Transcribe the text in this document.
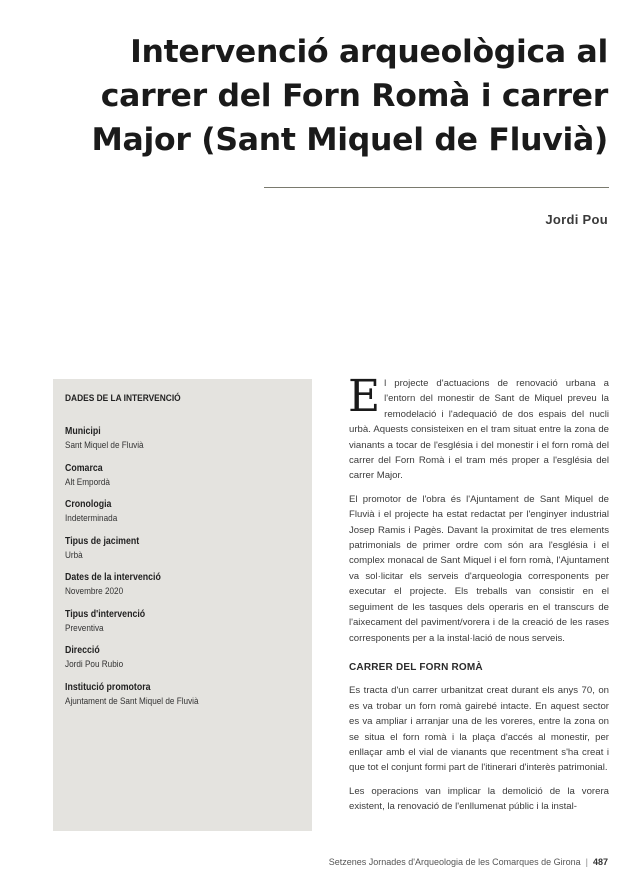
Intervenció arqueològica al carrer del Forn Romà i carrer Major (Sant Miquel de Fluvià)
Jordi Pou
DADES DE LA INTERVENCIÓ
Municipi
Sant Miquel de Fluvià
Comarca
Alt Empordà
Cronologia
Indeterminada
Tipus de jaciment
Urbà
Dates de la intervenció
Novembre 2020
Tipus d'intervenció
Preventiva
Direcció
Jordi Pou Rubio
Institució promotora
Ajuntament de Sant Miquel de Fluvià

El projecte d'actuacions de renovació urbana a l'entorn del monestir de Sant de Miquel preveu la remodelació i l'adequació de dos espais del nucli urbà. Aquests consisteixen en el tram situat entre la zona de vianants a tocar de l'església i del monestir i el forn romà del carrer del Forn Romà i el tram més proper a l'església del carrer Major.

El promotor de l'obra és l'Ajuntament de Sant Miquel de Fluvià i el projecte ha estat redactat per l'enginyer industrial Josep Ramis i Pagès. Davant la proximitat de tres elements patrimonials de primer ordre com són ara l'església i el complex monacal de Sant Miquel i el forn romà, l'Ajuntament va sol·licitar els serveis d'arqueologia corresponents per executar el projecte. Els treballs van consistir en el seguiment de les tasques dels operaris en el transcurs de l'aixecament del paviment/vorera i de la creació de les rases corresponents per a la instal·lació de nous serveis.

CARRER DEL FORN ROMÀ

Es tracta d'un carrer urbanitzat creat durant els anys 70, on es va trobar un forn romà gairebé intacte. En aquest sector es va ampliar i arranjar una de les voreres, entre la zona on se situa el forn romà i la plaça d'accés al monestir, per enllaçar amb el vial de vianants que recentment s'ha creat i que tot el conjunt formi part de l'itinerari d'interès patrimonial.

Les operacions van implicar la demolició de la vorera existent, la renovació de l'enllumenat públic i la instal-

Setzenes Jornades d'Arqueologia de les Comarques de Girona | 487
